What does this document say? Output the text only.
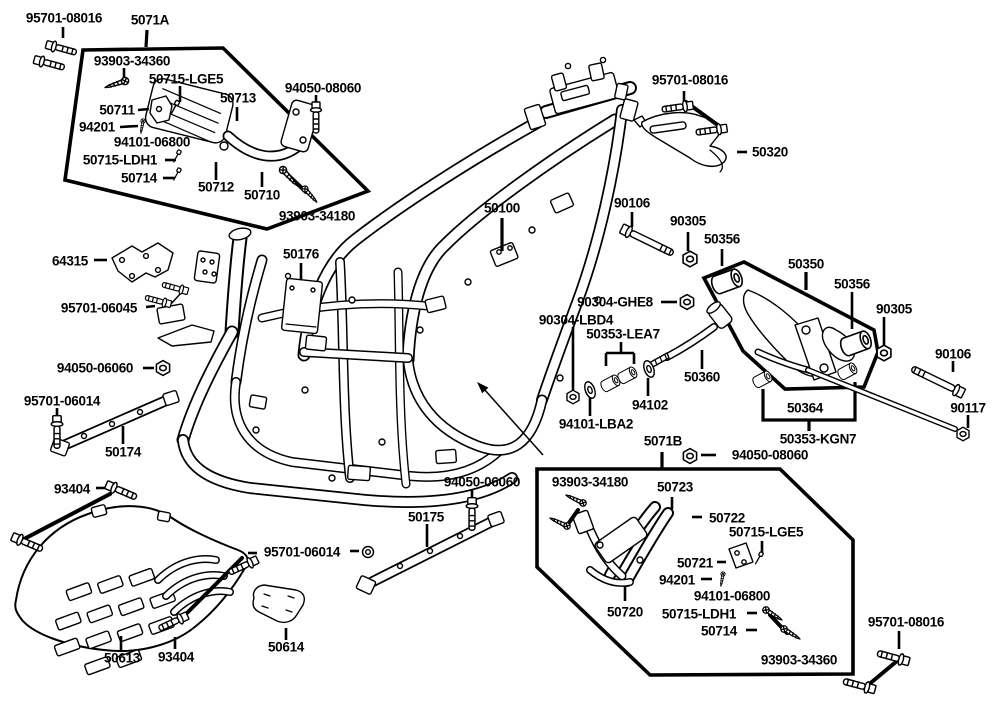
95701-08016 5071A
93903-34360
50715-LGE5
50713
94050-08060
50711
94201
94101-06800
50715-LDH1
50714
50712
50710
93903-34180
95701-08016
50320
50100	90106
90305
50356
50350
50356
90305
90106
90117
90304-GHE8
90304-LBD4
50353-LEA7
50360
94102
94101-LBA2
5071B
50364
50353-KGN7
94050-08060
64315
95701-06045
50176
94050-06060
95701-06014
50174
93404
95701-06014
50613 93404
50614
94050-06060
50175
93903-34180 50723
50722
50715-LGE5
50721
94201
94101-06800
50715-LDH1
50714
50720
93903-34360
95701-08016
